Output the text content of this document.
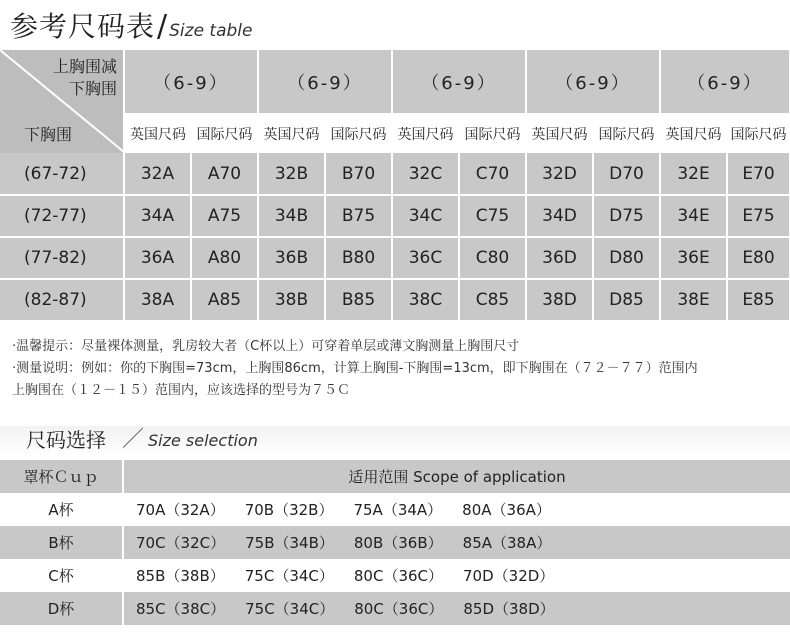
参考尺码表 / Size table
上胸围减
下胸围
下胸围	（6-9）		（6-9）		（6-9）		（6-9）		（6-9）	
	英国尺码	国际尺码	英国尺码	国际尺码	英国尺码	国际尺码	英国尺码	国际尺码	英国尺码	国际尺码
(67-72)	32A	A70	32B	B70	32C	C70	32D	D70	32E	E70
(72-77)	34A	A75	34B	B75	34C	C75	34D	D75	34E	E75
(77-82)	36A	A80	36B	B80	36C	C80	36D	D80	36E	E80
(82-87)	38A	A85	38B	B85	38C	C85	38D	D85	38E	E85
·温馨提示：尽量裸体测量，乳房较大者（C杯以上）可穿着单层或薄文胸测量上胸围尺寸
·测量说明：例如：你的下胸围=73cm，上胸围86cm，计算上胸围-下胸围=13cm，即下胸围在（７２－７７）范围内
上胸围在（１２－１５）范围内，应该选择的型号为７５Ｃ
尺码选择 ／ Size selection
罩杯Ｃｕｐ	适用范围 Scope of application
A杯	70A（32A） 70B（32B） 75A（34A） 80A（36A）
B杯	70C（32C） 75B（34B） 80B（36B） 85A（38A）
C杯	85B（38B） 75C（34C） 80C（36C） 70D（32D）
D杯	85C（38C） 75C（34C） 80C（36C） 85D（38D）
